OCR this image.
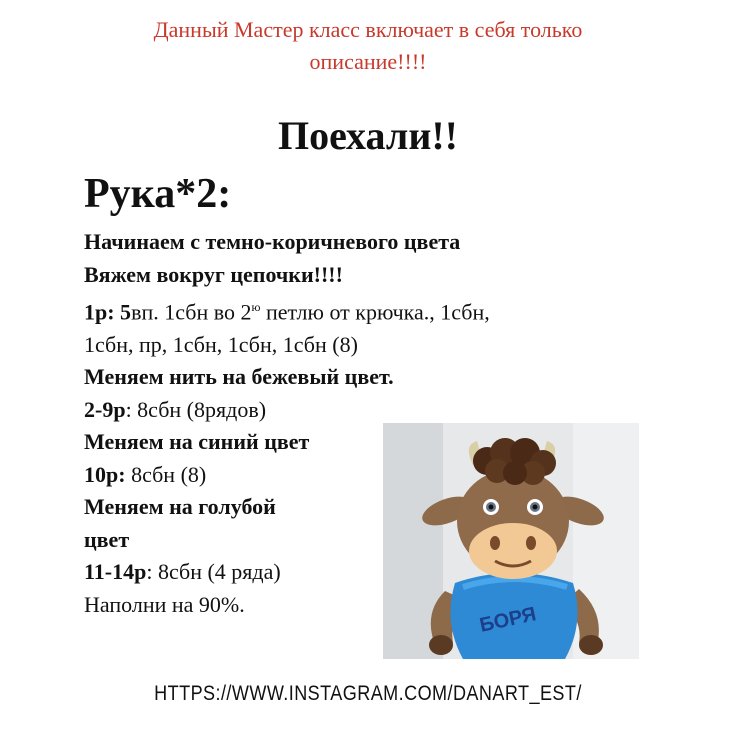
Данный Мастер класс включает в себя только
описание!!!!
Поехали!!
Рука*2:
Начинаем с темно-коричневого цвета
Вяжем вокруг цепочки!!!!
1р: 5вп. 1сбн во $2^ю$ петлю от крючка., 1сбн,
1сбн, пр, 1сбн, 1сбн, 1сбн (8)
Меняем нить на бежевый цвет.
2-9р: 8сбн (8рядов)
Меняем на синий цвет
10р: 8сбн (8)
Меняем на голубой
цвет
11-14р: 8сбн (4 ряда)
Наполни на 90%.	БОРЯ
HTTPS://WWW.INSTAGRAM.COM/DANART_EST/
